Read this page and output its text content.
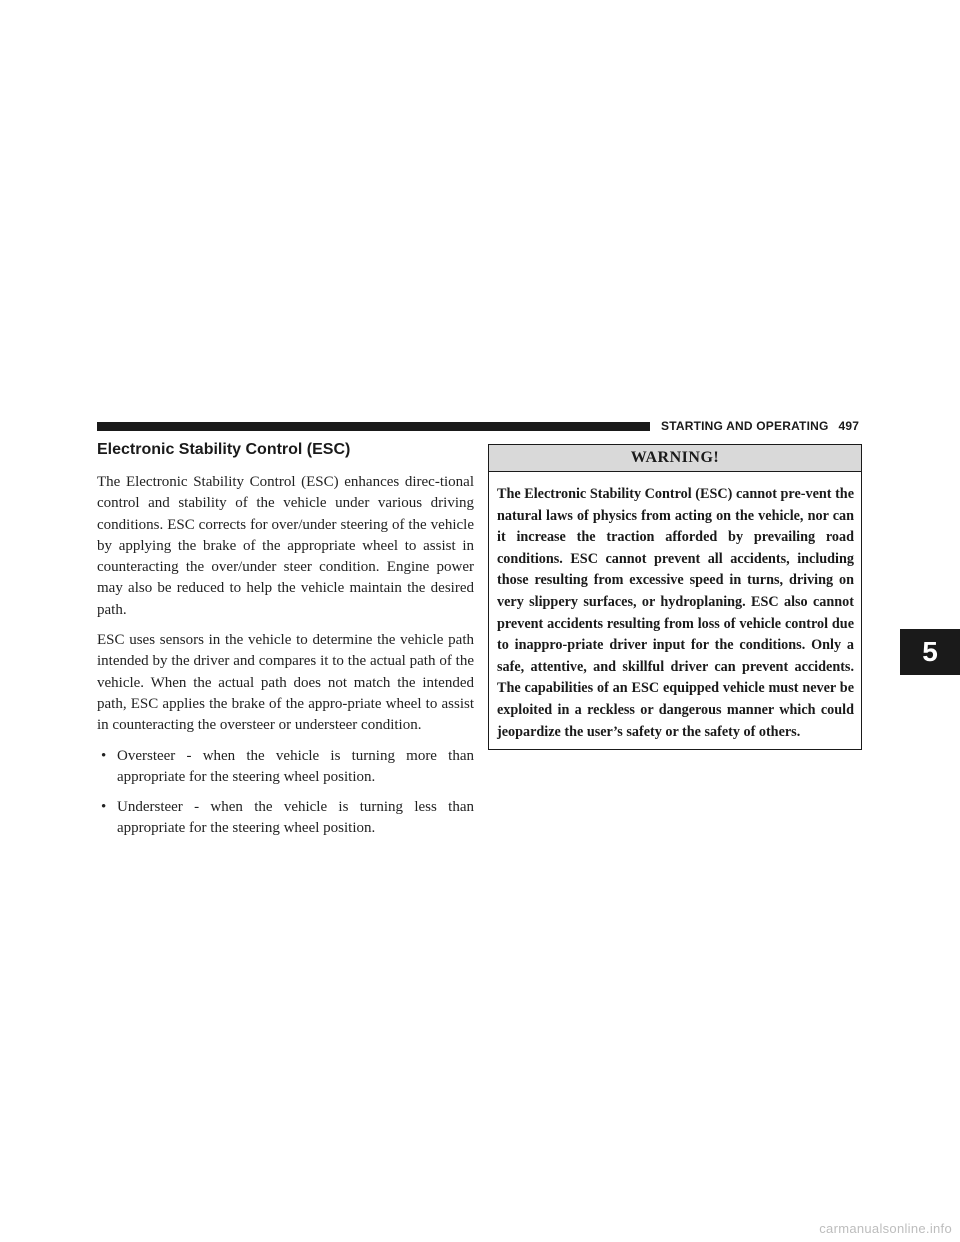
STARTING AND OPERATING 497
Electronic Stability Control (ESC)

The Electronic Stability Control (ESC) enhances direc-tional control and stability of the vehicle under various driving conditions. ESC corrects for over/under steering of the vehicle by applying the brake of the appropriate wheel to assist in counteracting the over/under steer condition. Engine power may also be reduced to help the vehicle maintain the desired path.

ESC uses sensors in the vehicle to determine the vehicle path intended by the driver and compares it to the actual path of the vehicle. When the actual path does not match the intended path, ESC applies the brake of the appro-priate wheel to assist in counteracting the oversteer or understeer condition.

• Oversteer - when the vehicle is turning more than appropriate for the steering wheel position.
• Understeer - when the vehicle is turning less than appropriate for the steering wheel position.
WARNING!
The Electronic Stability Control (ESC) cannot pre-vent the natural laws of physics from acting on the vehicle, nor can it increase the traction afforded by prevailing road conditions. ESC cannot prevent all accidents, including those resulting from excessive speed in turns, driving on very slippery surfaces, or hydroplaning. ESC also cannot prevent accidents resulting from loss of vehicle control due to inappro-priate driver input for the conditions. Only a safe, attentive, and skillful driver can prevent accidents. The capabilities of an ESC equipped vehicle must never be exploited in a reckless or dangerous manner which could jeopardize the user’s safety or the safety of others.
5
carmanualsonline.info
